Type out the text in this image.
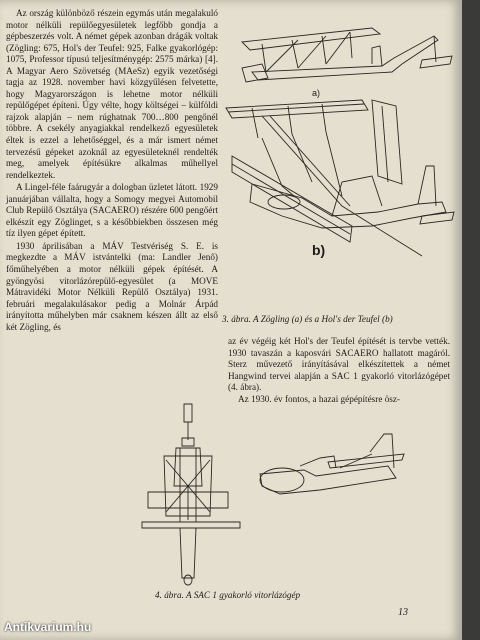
Az ország különböző részein egymás után megalakuló motor nélküli repülőegyesületek legfőbb gondja a gépbeszerzés volt. A német gépek azonban drágák voltak (Zögling: 675, Hol's der Teufel: 925, Falke gyakorlógép: 1075, Professor típusú teljesítménygép: 2575 márka) [4]. A Magyar Aero Szövetség (MAeSz) egyik vezetőségi tagja az 1928. november havi közgyűlésen felvetette, hogy Magyarországon is lehetne motor nélküli repülőgépet építeni. Úgy vélte, hogy költségei – külföldi rajzok alapján – nem rúghatnak 700…800 pengőnél többre. A csekély anyagiakkal rendelkező egyesületek éltek is ezzel a lehetőséggel, és a már ismert német tervezésű gépeket azoknál az egyesületeknél rendelték meg, amelyek építésükre alkalmas műhellyel rendelkeztek.

A Lingel-féle faárugyár a dologban üzletet látott. 1929 januárjában vállalta, hogy a Somogy megyei Automobil Club Repülő Osztálya (SACAERO) részére 600 pengőért elkészít egy Zöglinget, s a későbbiekben összesen még tíz ilyen gépet épített.

1930 áprilisában a MÁV Testvériség S. E. is megkezdte a MÁV istvántelki (ma: Landler Jenő) főműhelyében a motor nélküli gépek építését. A gyöngyösi vitorlázórepülő-egyesület (a MOVE Mátravidéki Motor Nélküli Repülő Osztálya) 1931. februári megalakulásakor pedig a Molnár Árpád irányította műhelyben már csaknem készen állt az első két Zögling, és

a)
b)
3. ábra. A Zögling (a) és a Hol's der Teufel (b)

az év végéig két Hol's der Teufel építését is tervbe vették. 1930 tavaszán a kaposvári SACAERO hallatott magáról. Sterz művezető irányításával elkészítettek a német Hangwind tervei alapján a SAC 1 gyakorló vitorlázógépet (4. ábra).

Az 1930. év fontos, a hazai gépépítésre ösz-

4. ábra. A SAC 1 gyakorló vitorlázógép
13
Antikvarium.hu
